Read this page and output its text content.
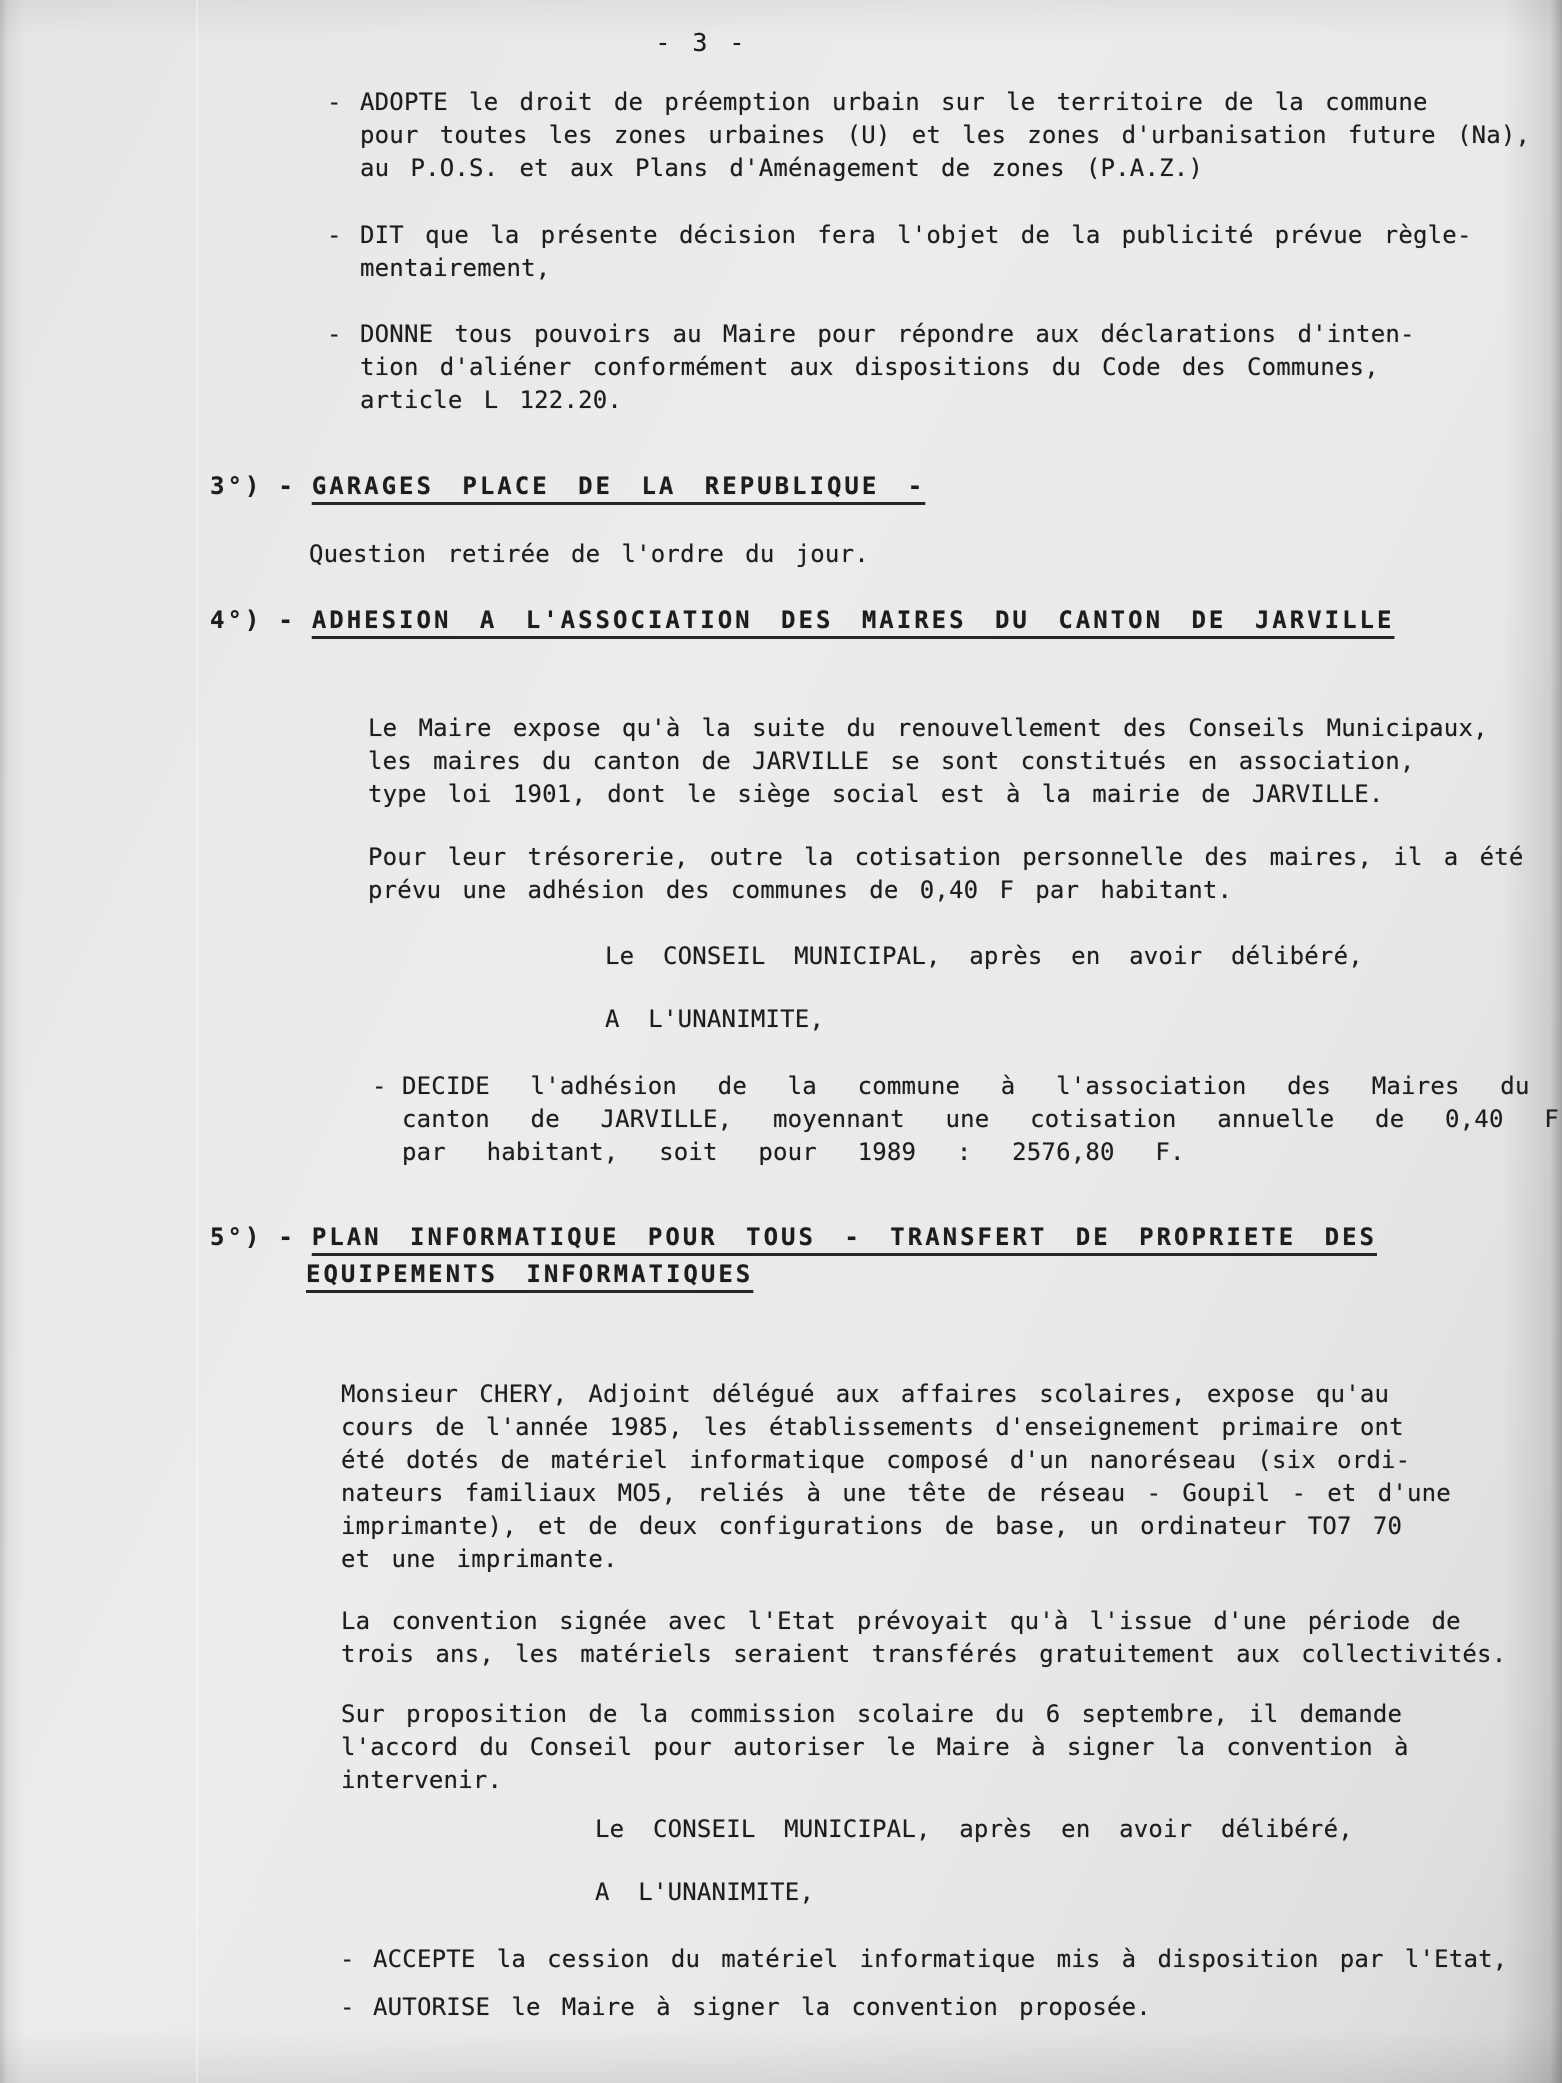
- 3 -
- ADOPTE le droit de préemption urbain sur le territoire de la commune
pour toutes les zones urbaines (U) et les zones d'urbanisation future (Na),
au P.O.S. et aux Plans d'Aménagement de zones (P.A.Z.)
- DIT que la présente décision fera l'objet de la publicité prévue règle-
mentairement,
- DONNE tous pouvoirs au Maire pour répondre aux déclarations d'inten-
tion d'aliéner conformément aux dispositions du Code des Communes,
article L 122.20.
3°) - GARAGES PLACE DE LA REPUBLIQUE -
Question retirée de l'ordre du jour.
4°) - ADHESION A L'ASSOCIATION DES MAIRES DU CANTON DE JARVILLE
Le Maire expose qu'à la suite du renouvellement des Conseils Municipaux,
les maires du canton de JARVILLE se sont constitués en association,
type loi 1901, dont le siège social est à la mairie de JARVILLE.
Pour leur trésorerie, outre la cotisation personnelle des maires, il a été
prévu une adhésion des communes de 0,40 F par habitant.
Le CONSEIL MUNICIPAL, après en avoir délibéré,
A L'UNANIMITE,
- DECIDE l'adhésion de la commune à l'association des Maires du
canton de JARVILLE, moyennant une cotisation annuelle de 0,40 F
par habitant, soit pour 1989 : 2576,80 F.
5°) - PLAN INFORMATIQUE POUR TOUS - TRANSFERT DE PROPRIETE DES
EQUIPEMENTS INFORMATIQUES
Monsieur CHERY, Adjoint délégué aux affaires scolaires, expose qu'au
cours de l'année 1985, les établissements d'enseignement primaire ont
été dotés de matériel informatique composé d'un nanoréseau (six ordi-
nateurs familiaux MO5, reliés à une tête de réseau - Goupil - et d'une
imprimante), et de deux configurations de base, un ordinateur TO7 70
et une imprimante.
La convention signée avec l'Etat prévoyait qu'à l'issue d'une période de
trois ans, les matériels seraient transférés gratuitement aux collectivités.
Sur proposition de la commission scolaire du 6 septembre, il demande
l'accord du Conseil pour autoriser le Maire à signer la convention à
intervenir.
Le CONSEIL MUNICIPAL, après en avoir délibéré,
A L'UNANIMITE,
- ACCEPTE la cession du matériel informatique mis à disposition par l'Etat,
- AUTORISE le Maire à signer la convention proposée.
